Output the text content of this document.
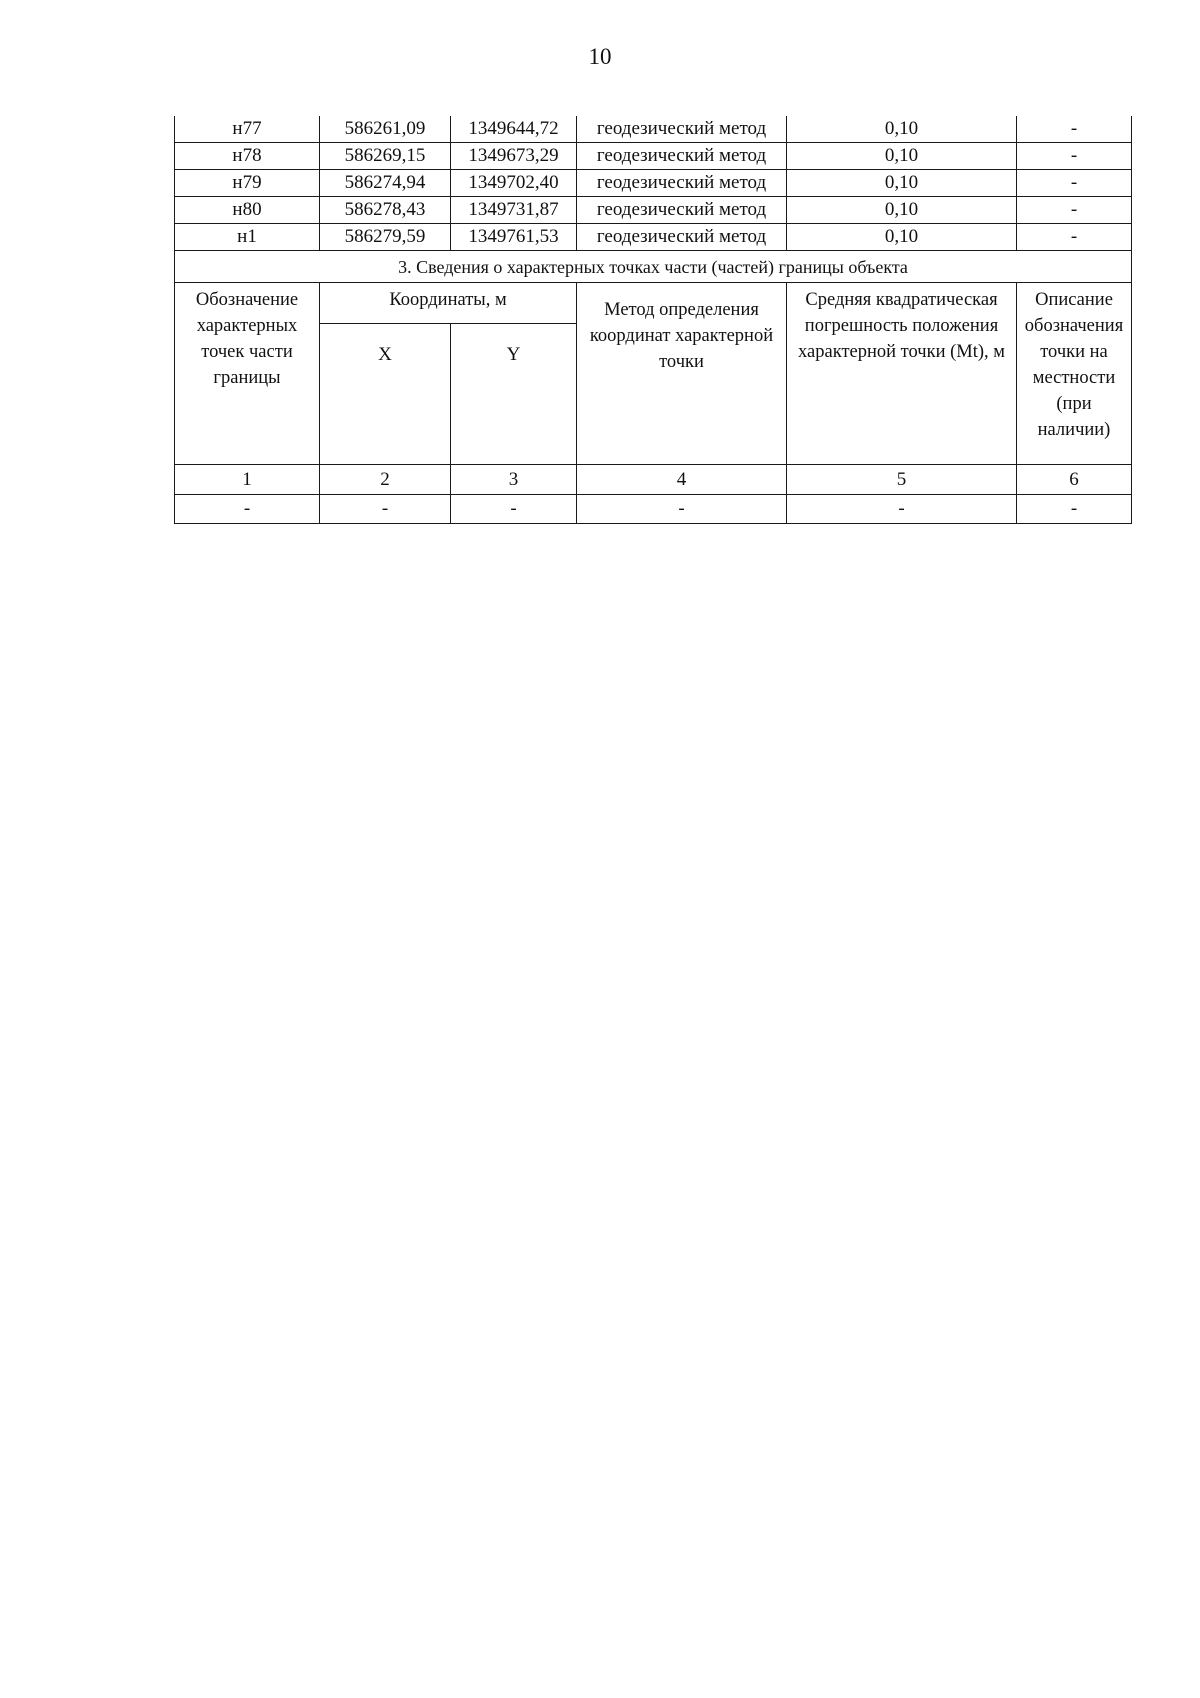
10
н77	586261,09	1349644,72	геодезический метод	0,10	-
н78	586269,15	1349673,29	геодезический метод	0,10	-
н79	586274,94	1349702,40	геодезический метод	0,10	-
н80	586278,43	1349731,87	геодезический метод	0,10	-
н1	586279,59	1349761,53	геодезический метод	0,10	-
3. Сведения о характерных точках части (частей) границы объекта					
Обозначение характерных точек части границы	Координаты, м		Метод определения координат характерной точки	Средняя квадратическая погрешность положения характерной точки (Mt), м	Описание обозначения точки на местности (при наличии)
	X	Y			
1	2	3	4	5	6
-	-	-	-	-	-
